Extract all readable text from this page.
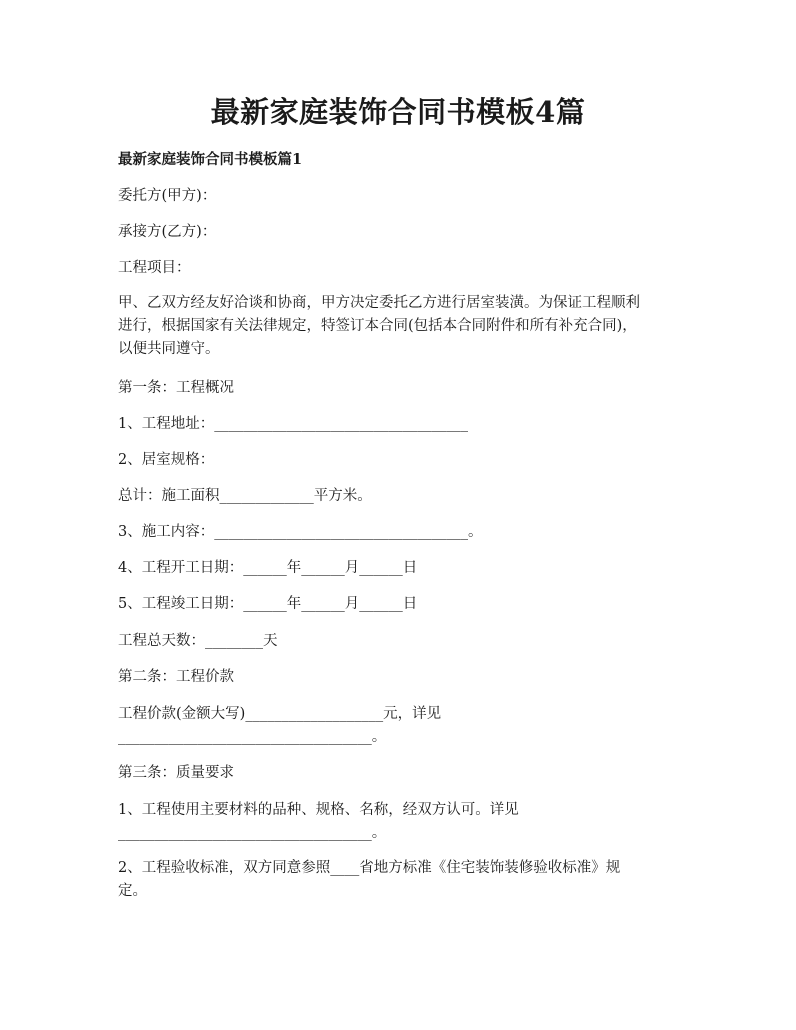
最新家庭装饰合同书模板4篇
最新家庭装饰合同书模板篇1
委托方(甲方)：
承接方(乙方)：
工程项目：
甲、乙双方经友好洽谈和协商，甲方决定委托乙方进行居室装潢。为保证工程顺利
进行，根据国家有关法律规定，特签订本合同(包括本合同附件和所有补充合同)，
以便共同遵守。
第一条：工程概况
1、工程地址：___________________________________
2、居室规格：
总计：施工面积_____________平方米。
3、施工内容：___________________________________。
4、工程开工日期：______年______月______日
5、工程竣工日期：______年______月______日
工程总天数：________天
第二条：工程价款
工程价款(金额大写)___________________元，详见
___________________________________。
第三条：质量要求
1、工程使用主要材料的品种、规格、名称，经双方认可。详见
___________________________________。
2、工程验收标准，双方同意参照____省地方标准《住宅装饰装修验收标准》规
定。
